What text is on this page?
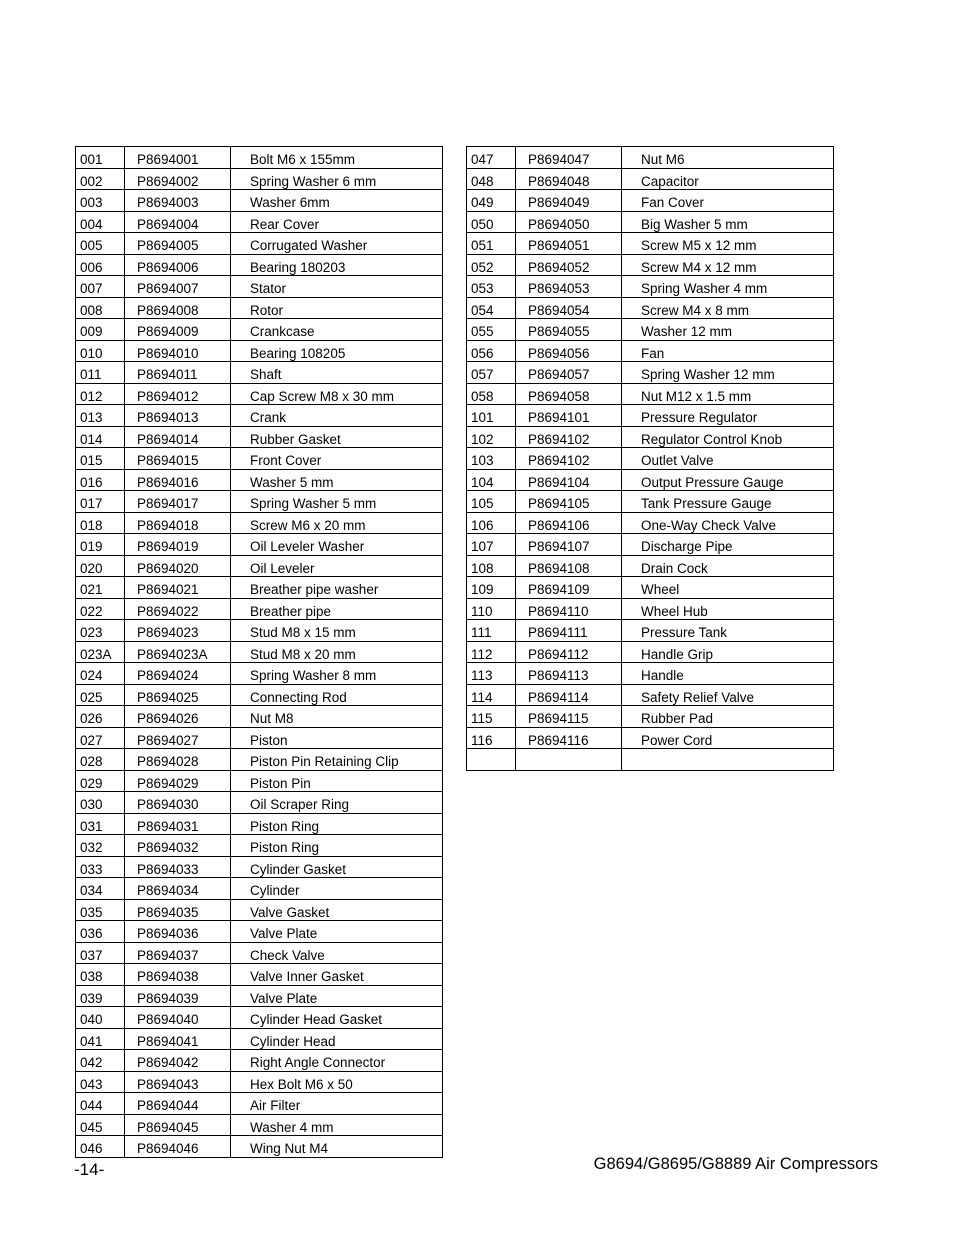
001	P8694001	Bolt M6 x 155mm
002	P8694002	Spring Washer 6 mm
003	P8694003	Washer 6mm
004	P8694004	Rear Cover
005	P8694005	Corrugated Washer
006	P8694006	Bearing 180203
007	P8694007	Stator
008	P8694008	Rotor
009	P8694009	Crankcase
010	P8694010	Bearing 108205
011	P8694011	Shaft
012	P8694012	Cap Screw M8 x 30 mm
013	P8694013	Crank
014	P8694014	Rubber Gasket
015	P8694015	Front Cover
016	P8694016	Washer 5 mm
017	P8694017	Spring Washer 5 mm
018	P8694018	Screw M6 x 20 mm
019	P8694019	Oil Leveler Washer
020	P8694020	Oil Leveler
021	P8694021	Breather pipe washer
022	P8694022	Breather pipe
023	P8694023	Stud M8 x 15 mm
023A	P8694023A	Stud M8 x 20 mm
024	P8694024	Spring Washer 8 mm
025	P8694025	Connecting Rod
026	P8694026	Nut M8
027	P8694027	Piston
028	P8694028	Piston Pin Retaining Clip
029	P8694029	Piston Pin
030	P8694030	Oil Scraper Ring
031	P8694031	Piston Ring
032	P8694032	Piston Ring
033	P8694033	Cylinder Gasket
034	P8694034	Cylinder
035	P8694035	Valve Gasket
036	P8694036	Valve Plate
037	P8694037	Check Valve
038	P8694038	Valve Inner Gasket
039	P8694039	Valve Plate
040	P8694040	Cylinder Head Gasket
041	P8694041	Cylinder Head
042	P8694042	Right Angle Connector
043	P8694043	Hex Bolt M6 x 50
044	P8694044	Air Filter
045	P8694045	Washer 4 mm
046	P8694046	Wing Nut M4
047	P8694047	Nut M6
048	P8694048	Capacitor
049	P8694049	Fan Cover
050	P8694050	Big Washer 5 mm
051	P8694051	Screw M5 x 12 mm
052	P8694052	Screw M4 x 12 mm
053	P8694053	Spring Washer 4 mm
054	P8694054	Screw M4 x 8 mm
055	P8694055	Washer 12 mm
056	P8694056	Fan
057	P8694057	Spring Washer 12 mm
058	P8694058	Nut M12 x 1.5 mm
101	P8694101	Pressure Regulator
102	P8694102	Regulator Control Knob
103	P8694102	Outlet Valve
104	P8694104	Output Pressure Gauge
105	P8694105	Tank Pressure Gauge
106	P8694106	One-Way Check Valve
107	P8694107	Discharge Pipe
108	P8694108	Drain Cock
109	P8694109	Wheel
110	P8694110	Wheel Hub
111	P8694111	Pressure Tank
112	P8694112	Handle Grip
113	P8694113	Handle
114	P8694114	Safety Relief Valve
115	P8694115	Rubber Pad
116	P8694116	Power Cord

-14-	G8694/G8695/G8889 Air Compressors
